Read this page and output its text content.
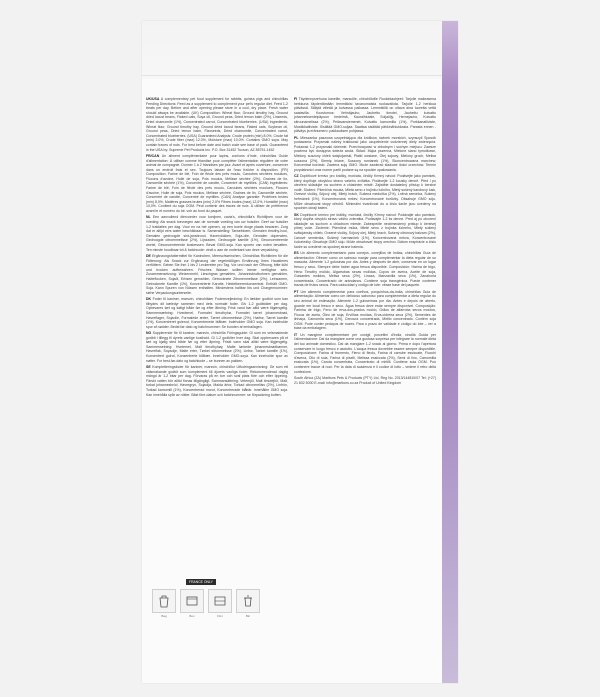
UK/USA A complementary pet food supplement for rabbits, guinea pigs and chinchillas Feeding Directions: Feed as a supplement to complement your pet's regular diet. Feed 1-2 treats per day. Before and after opening please store in a cool, dry place. Fresh water should always be available. (UK) Composition: Wheat flour, Ground timothy hay, Ground dried locust beans, Flaked oats, Soya oil, Ground peas, Dried lemon balm (2%), Linseeds, Dried chamomile (1%), Concentrated carrot, Concentrated blueberries. (USA) Ingredients: Wheat flour, Ground timothy hay, Ground dried locust beans, Flaked oats, Soybean oil, Ground peas, Dried lemon balm, Flaxseeds, Dried chamomile, Concentrated carrot, Concentrated blueberries. (USA) Guaranteed Analysis: Crude protein (min) 8.0%, Crude fat (min) 2.0%, Crude fiber (max) 12.0%, Moisture (max) 10.0%. Contains GMO soya. May contain traces of nuts. For best before date and batch code see base of pack. Guaranteed in the USA by: Supreme Pet Products Inc. P.O. Box 31452 Tucson, AZ 85751-1452

FR/CAN Un aliment complémentaire pour lapins, cochons d'Inde, chinchillas Guide d'alimentation: À utiliser comme friandise pour compléter l'alimentation régulière de votre animal de compagnie. Donner 1 à 2 friandises par jour. Avant et après ouverture, conserver dans un endroit frais et sec. Toujours laisser de l'eau fraîche à disposition. (FR) Composition: Farine de blé, Foin de fléole des prés moulu, Caroubes séchées moulues, Flocons d'avoine, Huile de soja, Pois moulus, Mélisse séchée (2%), Graines de lin, Camomille séchée (1%), Concentré de carotte, Concentré de myrtilles. (CAN) Ingrédients: Farine de blé, Foin de fléole des prés moulu, Caroubes séchées moulues, Flocons d'avoine, Huile de soja, Pois moulus, Mélisse séchée, Graines de lin, Camomille séchée, Concentré de carotte, Concentré de myrtilles. (CAN) Analyse garantie: Protéines brutes (min) 8,0%, Matières grasses brutes (min) 2,0% Fibres brutes (max) 12,0%, Humidité (max) 10,0%. Contient du soja OGM. Peut contenir des traces de noix. À utiliser de préférence avant le et numéro du lot: voir au fond du paquet.

NL Een aanvullend diervoeder voor konijnen, cavia's, chinchilla's Richtlijnen voor de voeding: Als snack toevoegen aan de normale voeding van uw huisdier. Geef uw huisdier 1-2 traktaties per dag. Voor en na het openen, op een koele droge plaats bewaren. Zorg dat er altijd vers water beschikbaar is. Samenstelling: Tarwebloem, Gemalen timothy-hooi, Gemalen gedroogde sint-jansbrood, Havervlokken, Soja-olie, Gemalen doperwten, Gedroogde citroenmelisse (2%), Lijnzaden, Gedroogde kamille (1%), Geconcentreerde wortel, Geconcentreerde bosbessen. Bevat GMO-soja. Kan sporen van noten bevatten. Ten minste houdbaar tot & batchcode: vindt u aan de onderkant van deze verpakking.

DE Ergänzungsfuttermittel für Kaninchen, Meerschweinchen, Chinchillas Richtlinien für die Fütterung: Als Snack zur Ergänzung der regelmäßigen Ernährung Ihres Haustieres verfüttern. Geben Sie ihm 1 bis 2 Leckereien pro Tag. Vor und nach der Öffnung, bitte kühl und trocken aufbewahren. Frisches Wasser sollten immer verfügbar sein. Zusammensetzung: Weizenmehl, Lieschgras gemahlen, Johannisbrotbohnen gemahlen, Haferflocken, Sojaöl, Erbsen gemahlen, Getrocknete Zitronenmelisse (2%), Leinsamen, Getrocknete Kamille (1%), Konzentrierte Karotte, Heidelbeerenkonzentrat. Enthält GMO-Soja. Kann Spuren von Nüssen enthalten. Mindestens haltbar bis und Chargennummer: siehe Verpackungsunterseite.

DK Foder til kaniner, marsvin, chinchillaer Foderevejledning: En lækker godbid som kan tilbydes dit kæledyr sammen med dets normale foder. Giv 1-2 godbidder per dag. Opbevares tørt og køligt både før og efter åbning. Frisk vand bør altid være tilgængelig. Sammensætning: Hvedemel, Formalet timothyhø, Formalet tørret johannesbrød, Havreflager, Sojaolie, Formalede ærter, Tørret citronmelisse (2%), Hørfrø, Tørret kamille (1%), Koncentreret gulerod, Koncentrerede blåbær. Indeholder GMO soja. Kan indeholde spor af nødder. Bedst før dato og batchnummer: Se bunden af emballagen.

NO Supplerende fôr til kaniner, marsvin, chinchilla Fôringsguide: Gi som en velsmakende godbit i tillegg til dyrets vanlige kosthold. Gi 1-2 godbiter hver dag. Skal oppbevares på et tørt og kjølig sted både før og etter åpning. Friskt vann skal alltid være tilgjengelig. Sammensetning: Hvetemel, Malt timothyhøy, Malte tørkede johannesbrødbønner, Havreflak, Soyaolje, Malte erter, Tørket sitronmelisse (2%), Linfrø, Tørket kamille (1%), Konsentrert gulrot, Konsentrerte blåbær. Inneholder GMO-soya. Kan inneholde spor av nøtter. For best-før-dato og batchkode – se bunnen av pakken.

SE Kompletteringsfoder för kaniner, marsvin, chinchillor Utfodringsanvisning: Ge som ett välsmakande godbit som komplement till djurets vanliga foder. Rekommenderad daglig mängd är 1-2 bitar per dag. Förvaras på en torr och sval plats före och efter öppning. Färskt vatten bör alltid finnas tillgängligt. Sammansättning: Vetemjöl, Malt timotejhö, Malt, torkat johannesbröd, Havregryn, Sojaolja, Malda ärtor, Torkad citronmelliss (2%), Linfrön, Torkad kamomill (1%), Koncentrerad morot, Koncentrerade blåbär. Innehåller GMO soja. Kan innehålla spår av nötter. Bäst före-datum och batchnummer: se förpackning botten.

FI Täydennysrehuna kaneille, marsuille, chinchilloille Ruokintaohjeet: Tarjoile makeasena herkkuna täydentämään lemmikkisi tavanomaista ruokavaliota. Tarjoile 1-2 herkkua päivässä. Säilytä viileää ja kuivassa paikassa. Lemmikillä on oltava aina tuoretta vettä saatavilla. Koostumus: Vehnäjauho, Jauhettu timotei, Jauhettu kuivattu johanneksenleipäpuun hedelmä, Kauralhiutale, Soijaöljy, Hernejauho, Kuivattu sitruunamelissa (2%), Pellavansiemenet, Kuivattu kamomilla (1%), Porkkanatiiviste, Mustikkatiiviste. Sisältää GMO-soijaa. Saattaa sisältää pähkinähiukkasia. Parasta ennen -päiväys ja eränumero: pakkauksen pohjassa.

PL Mieszanka paszowa uzupełniająca dla królików, świnek morskich, szynszyli Sposób podawania: Przysmak należy traktować jako uzupełnienie codziennej diety zwierzęcia. Podawać 1-2 przysmaki dziennie. Przechowywać w chłodnym i suchym miejscu. Zawsze powinna być dostępna świeża woda. Skład: Mąka pszenna, Mielone siano tymotkowe, Mielony suszony chleb świętojański, Płatki owsiane, Olej sojowy, Mielony groch, Melisa suszona (2%), Siemię lniane, Suszony rumianek (1%), Skoncentrowana marchew, Koncentrat borówki. Zawiera soję GMO. Może zawierać śladowe ilości orzechów. Termin przydatności oraz numer partii podane są na spodzie opakowania.

CZ Doplňkové krmivo pro králíky, morčata, činčily Krmný návod: Podávejte jako pamlsek, který doplňuje obvyklou stravu vašeho zvířátka. Podávejte 1-2 kousky denně. Před i po otevření skladujte na suchém a chladném místě. Zajistěte dostatečný přístup k čerstvé vodě. Složení: Pšeničná mouka, Mletá seno z bojínku lučního, Mletý sušený karobový lusk, Ovesné vločky, Sójový olej, Mletý hrách, Sušená meduňka (2%), Lněná semínka, Sušený heřmánek (1%), Koncentrovaná mrkev, Koncentrované borůvky. Obsahuje GMO sóju. Může obsahovat stopy ořechů. Minimální trvanlivost do a číslo šarže jsou uvedeny na spodním okraji balení.

SK Doplnkové krmivo pre králiky, morčatá, činčily Kŕmny návod: Podávajte ako pamlsok, ktorý dopĺňa obvyklú stravu vášho zvieratka. Podávajte 1-2 ks denne. Pred aj po otvorení skladujte na suchom a chladnom mieste. Zabezpečte neobmedzený prístup k čerstvej pitnej vode. Zloženie: Pšeničná múka, Mleté seno z bojínka lúčneho, Mletý sušený svätojánsky chlieb, Ovsené vločky, Sójový olej, Mletý hrach, Sušený citrónový balzam (2%), Ľanové semienka, Sušený harmanček (1%), Koncentrovaná mrkva, Koncentrované čučoriedky. Obsahuje GMO sóju. Môže obsahovať stopy orechov. Dátum exspirácie a číslo šarže sú uvedené na spodnej strane balenia.

ES Un alimento complementario para conejos, conejillos de Indias, chinchillas Guía de alimentación: Ofrecer como un sabroso manjar para complementar la dieta regular de su mascota. Alimente 1-2 golosinas por día. Antes y después de abrir, conservar en un lugar fresco y seco. Siempre debe haber agua fresca disponible. Composición: Harina de trigo, Heno Timothy molido, Algarrobas secas molidas, Copos de avena, Aceite de soja, Guisantes molidos, Melisa seca (2%), Linaza, Manzanilla seca (1%), Zanahoria concentrada, Concentrado de arándanos. Contiene soja transgénica. Puede contener trazas de frutos secos. Para caducidad y código de lote: véase base del paquete.

PT Um alimento complementar para coelhos, porquinhos-da-índia, chinchilas Guia de alimentação: Alimentar como um delicioso saboroso para complementar a dieta regular do seu animal de estimação. Alimente 1-2 guloseimas por dia. Antes e depois de aberto, guarde em local fresco e seco. Água fresca deve estar sempre disponível. Composição: Farinha de trigo, Feno de erva-dos-prados moído, Grãos de alfarroba secos moídos, Flocos de aveia, Óleo de soja, Ervilhas moídas, Erva-cidreira seca (2%), Sementes de linhaça, Camomila seca (1%), Cenoura concentrada, Mirtilo concentrado. Contém soja OGM. Pode conter pedaços de nozes. Para o prazo de validade e código do lote – ver a base da embalagem.

IT Un mangime complementare per conigli, porcellini d'India, cincillà Guida per l'alimentazione: Dai da mangiare come una gustosa sorpresa per integrare la normale dieta del tuo animale domestico. Dai da mangiare 1-2 snack al giorno. Prima e dopo l'apertura conservare in luogo fresco e asciutto. L'acqua fresca dovrebbe essere sempre disponibile. Composizione: Farina di frumento, Fieno di fleolo, Farina di carrube essiccate, Fiocchi d'avena, Olio di soia, Farina di piselli, Melissa essiccata (2%), Semi di lino, Camomilla essiccata (1%), Carota concentrata, Concentrato di mirtilli. Contiene soia OGM. Può contenere tracce di noci. Per la data di scadenza e il codice di lotto – vedere il retro della confezione.

South Africa (ZA) Marltons Pets & Products (PTY) Ltd, Reg No. 2013/144810/07 Tel: (+27) 21 832 5000 E-mail: info@marltons.co.za Product of United Kingdom

FRANCE ONLY
Bag	Box	Film	Bin
